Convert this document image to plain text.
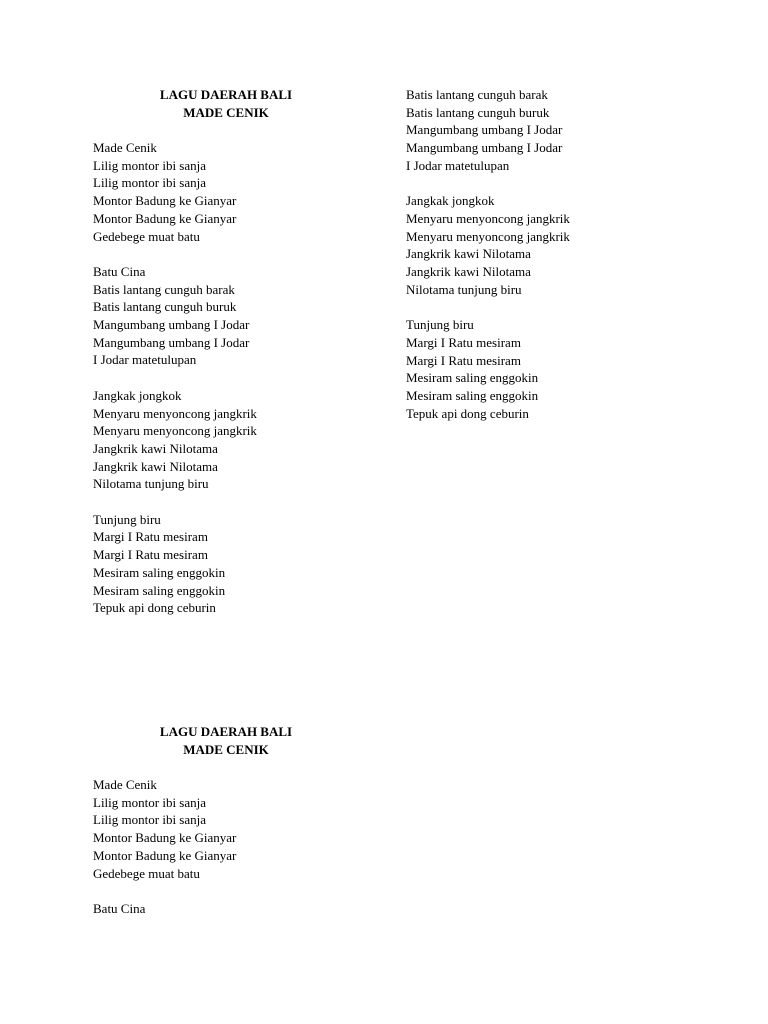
LAGU DAERAH BALI
MADE CENIK
Made Cenik
Lilig montor ibi sanja
Lilig montor ibi sanja
Montor Badung ke Gianyar
Montor Badung ke Gianyar
Gedebege muat batu
Batu Cina
Batis lantang cunguh barak
Batis lantang cunguh buruk
Mangumbang umbang I Jodar
Mangumbang umbang I Jodar
I Jodar matetulupan
Jangkak jongkok
Menyaru menyoncong jangkrik
Menyaru menyoncong jangkrik
Jangkrik kawi Nilotama
Jangkrik kawi Nilotama
Nilotama tunjung biru
Tunjung biru
Margi I Ratu mesiram
Margi I Ratu mesiram
Mesiram saling enggokin
Mesiram saling enggokin
Tepuk api dong ceburin
Batis lantang cunguh barak
Batis lantang cunguh buruk
Mangumbang umbang I Jodar
Mangumbang umbang I Jodar
I Jodar matetulupan
Jangkak jongkok
Menyaru menyoncong jangkrik
Menyaru menyoncong jangkrik
Jangkrik kawi Nilotama
Jangkrik kawi Nilotama
Nilotama tunjung biru
Tunjung biru
Margi I Ratu mesiram
Margi I Ratu mesiram
Mesiram saling enggokin
Mesiram saling enggokin
Tepuk api dong ceburin
LAGU DAERAH BALI
MADE CENIK
Made Cenik
Lilig montor ibi sanja
Lilig montor ibi sanja
Montor Badung ke Gianyar
Montor Badung ke Gianyar
Gedebege muat batu
Batu Cina
